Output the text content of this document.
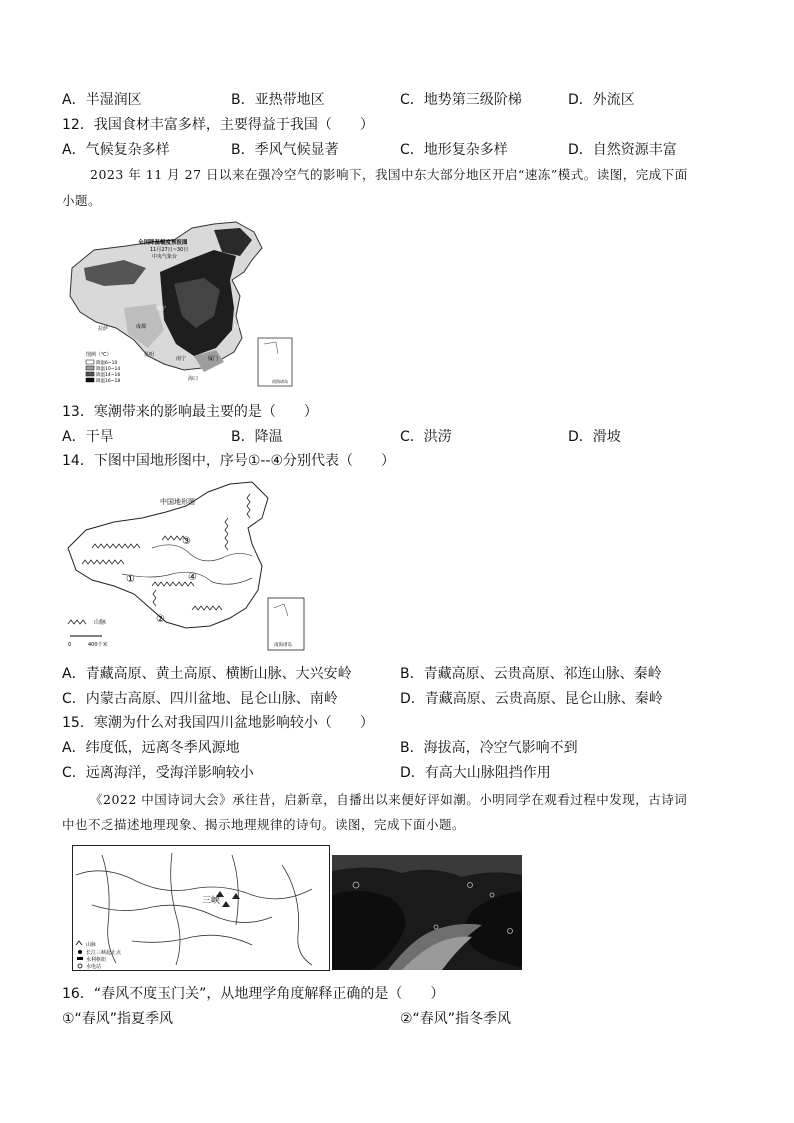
A．半湿润区	B．亚热带地区	C．地势第三级阶梯	D．外流区
12．我国食材丰富多样，主要得益于我国（　　）
A．气候复杂多样	B．季风气候显著	C．地形复杂多样	D．自然资源丰富
2023 年 11 月 27 日以来在强冷空气的影响下，我国中东大部分地区开启“速冻”模式。读图，完成下面
小题。
西宁
成都
昆明
拉萨
南宁	厦门
上海
海口
全国降温幅度预报图
11月27日~30日
中央气象台
图例（℃）
降温6~10
降温10~14
降温14~16
降温16~18	南海诸岛
13．寒潮带来的影响最主要的是（　　）
A．干旱	B．降温	C．洪涝	D．滑坡
14．下图中国地形图中，序号①--④分别代表（　　）
中国地形图
①
②
③
④
山脉
0	400千米	南海诸岛
A．青藏高原、黄土高原、横断山脉、大兴安岭	B．青藏高原、云贵高原、祁连山脉、秦岭
C．内蒙古高原、四川盆地、昆仑山脉、南岭	D．青藏高原、云贵高原、昆仑山脉、秦岭
15．寒潮为什么对我国四川盆地影响较小（　　）
A．纬度低，远离冬季风源地	B．海拔高，冷空气影响不到
C．远离海洋，受海洋影响较小	D．有高大山脉阻挡作用
《2022 中国诗词大会》承往昔，启新章，自播出以来便好评如潮。小明同学在观看过程中发现，古诗词
中也不乏描述地理现象、揭示地理规律的诗句。读图，完成下面小题。
三峡
山脉
长江三峡起止点
水利枢纽
水电站
16．“春风不度玉门关”，从地理学角度解释正确的是（　　）
①“春风”指夏季风	②“春风”指冬季风
